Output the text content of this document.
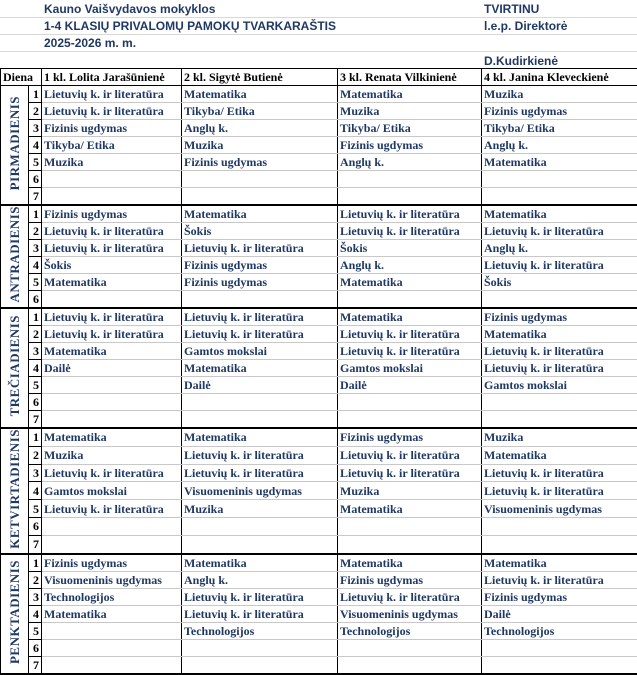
Kauno Vaišvydavos mokyklos
1-4 KLASIŲ PRIVALOMŲ PAMOKŲ TVARKARAŠTIS
2025-2026 m. m.
TVIRTINU
l.e.p. Direktorė
D.Kudirkienė
Diena		1 kl. Lolita Jarašūnienė	2 kl. Sigytė Butienė	3 kl. Renata Vilkinienė	4 kl. Janina Kleveckienė
PIRMADIENIS	1	Lietuvių k. ir literatūra	Matematika	Matematika	Muzika
	2	Lietuvių k. ir literatūra	Tikyba/ Etika	Muzika	Fizinis ugdymas
	3	Fizinis ugdymas	Anglų k.	Tikyba/ Etika	Tikyba/ Etika
	4	Tikyba/ Etika	Muzika	Fizinis ugdymas	Anglų k.
	5	Muzika	Fizinis ugdymas	Anglų k.	Matematika
	6				
	7				
ANTRADIENIS	1	Fizinis ugdymas	Matematika	Lietuvių k. ir literatūra	Matematika
	2	Lietuvių k. ir literatūra	Šokis	Lietuvių k. ir literatūra	Lietuvių k. ir literatūra
	3	Lietuvių k. ir literatūra	Lietuvių k. ir literatūra	Šokis	Anglų k.
	4	Šokis	Fizinis ugdymas	Anglų k.	Lietuvių k. ir literatūra
	5	Matematika	Fizinis ugdymas	Matematika	Šokis
	6				
TREČIADIENIS	1	Lietuvių k. ir literatūra	Lietuvių k. ir literatūra	Matematika	Fizinis ugdymas
	2	Lietuvių k. ir literatūra	Lietuvių k. ir literatūra	Lietuvių k. ir literatūra	Matematika
	3	Matematika	Gamtos mokslai	Lietuvių k. ir literatūra	Lietuvių k. ir literatūra
	4	Dailė	Matematika	Gamtos mokslai	Lietuvių k. ir literatūra
	5		Dailė	Dailė	Gamtos mokslai
	6				
	7				
KETVIRTADIENIS	1	Matematika	Matematika	Fizinis ugdymas	Muzika
	2	Muzika	Lietuvių k. ir literatūra	Lietuvių k. ir literatūra	Matematika
	3	Lietuvių k. ir literatūra	Lietuvių k. ir literatūra	Lietuvių k. ir literatūra	Lietuvių k. ir literatūra
	4	Gamtos mokslai	Visuomeninis ugdymas	Muzika	Lietuvių k. ir literatūra
	5	Lietuvių k. ir literatūra	Muzika	Matematika	Visuomeninis ugdymas
	6				
	7				
PENKTADIENIS	1	Fizinis ugdymas	Matematika	Matematika	Matematika
	2	Visuomeninis ugdymas	Anglų k.	Fizinis ugdymas	Lietuvių k. ir literatūra
	3	Technologijos	Lietuvių k. ir literatūra	Lietuvių k. ir literatūra	Fizinis ugdymas
	4	Matematika	Lietuvių k. ir literatūra	Visuomeninis ugdymas	Dailė
	5		Technologijos	Technologijos	Technologijos
	6				
	7				
